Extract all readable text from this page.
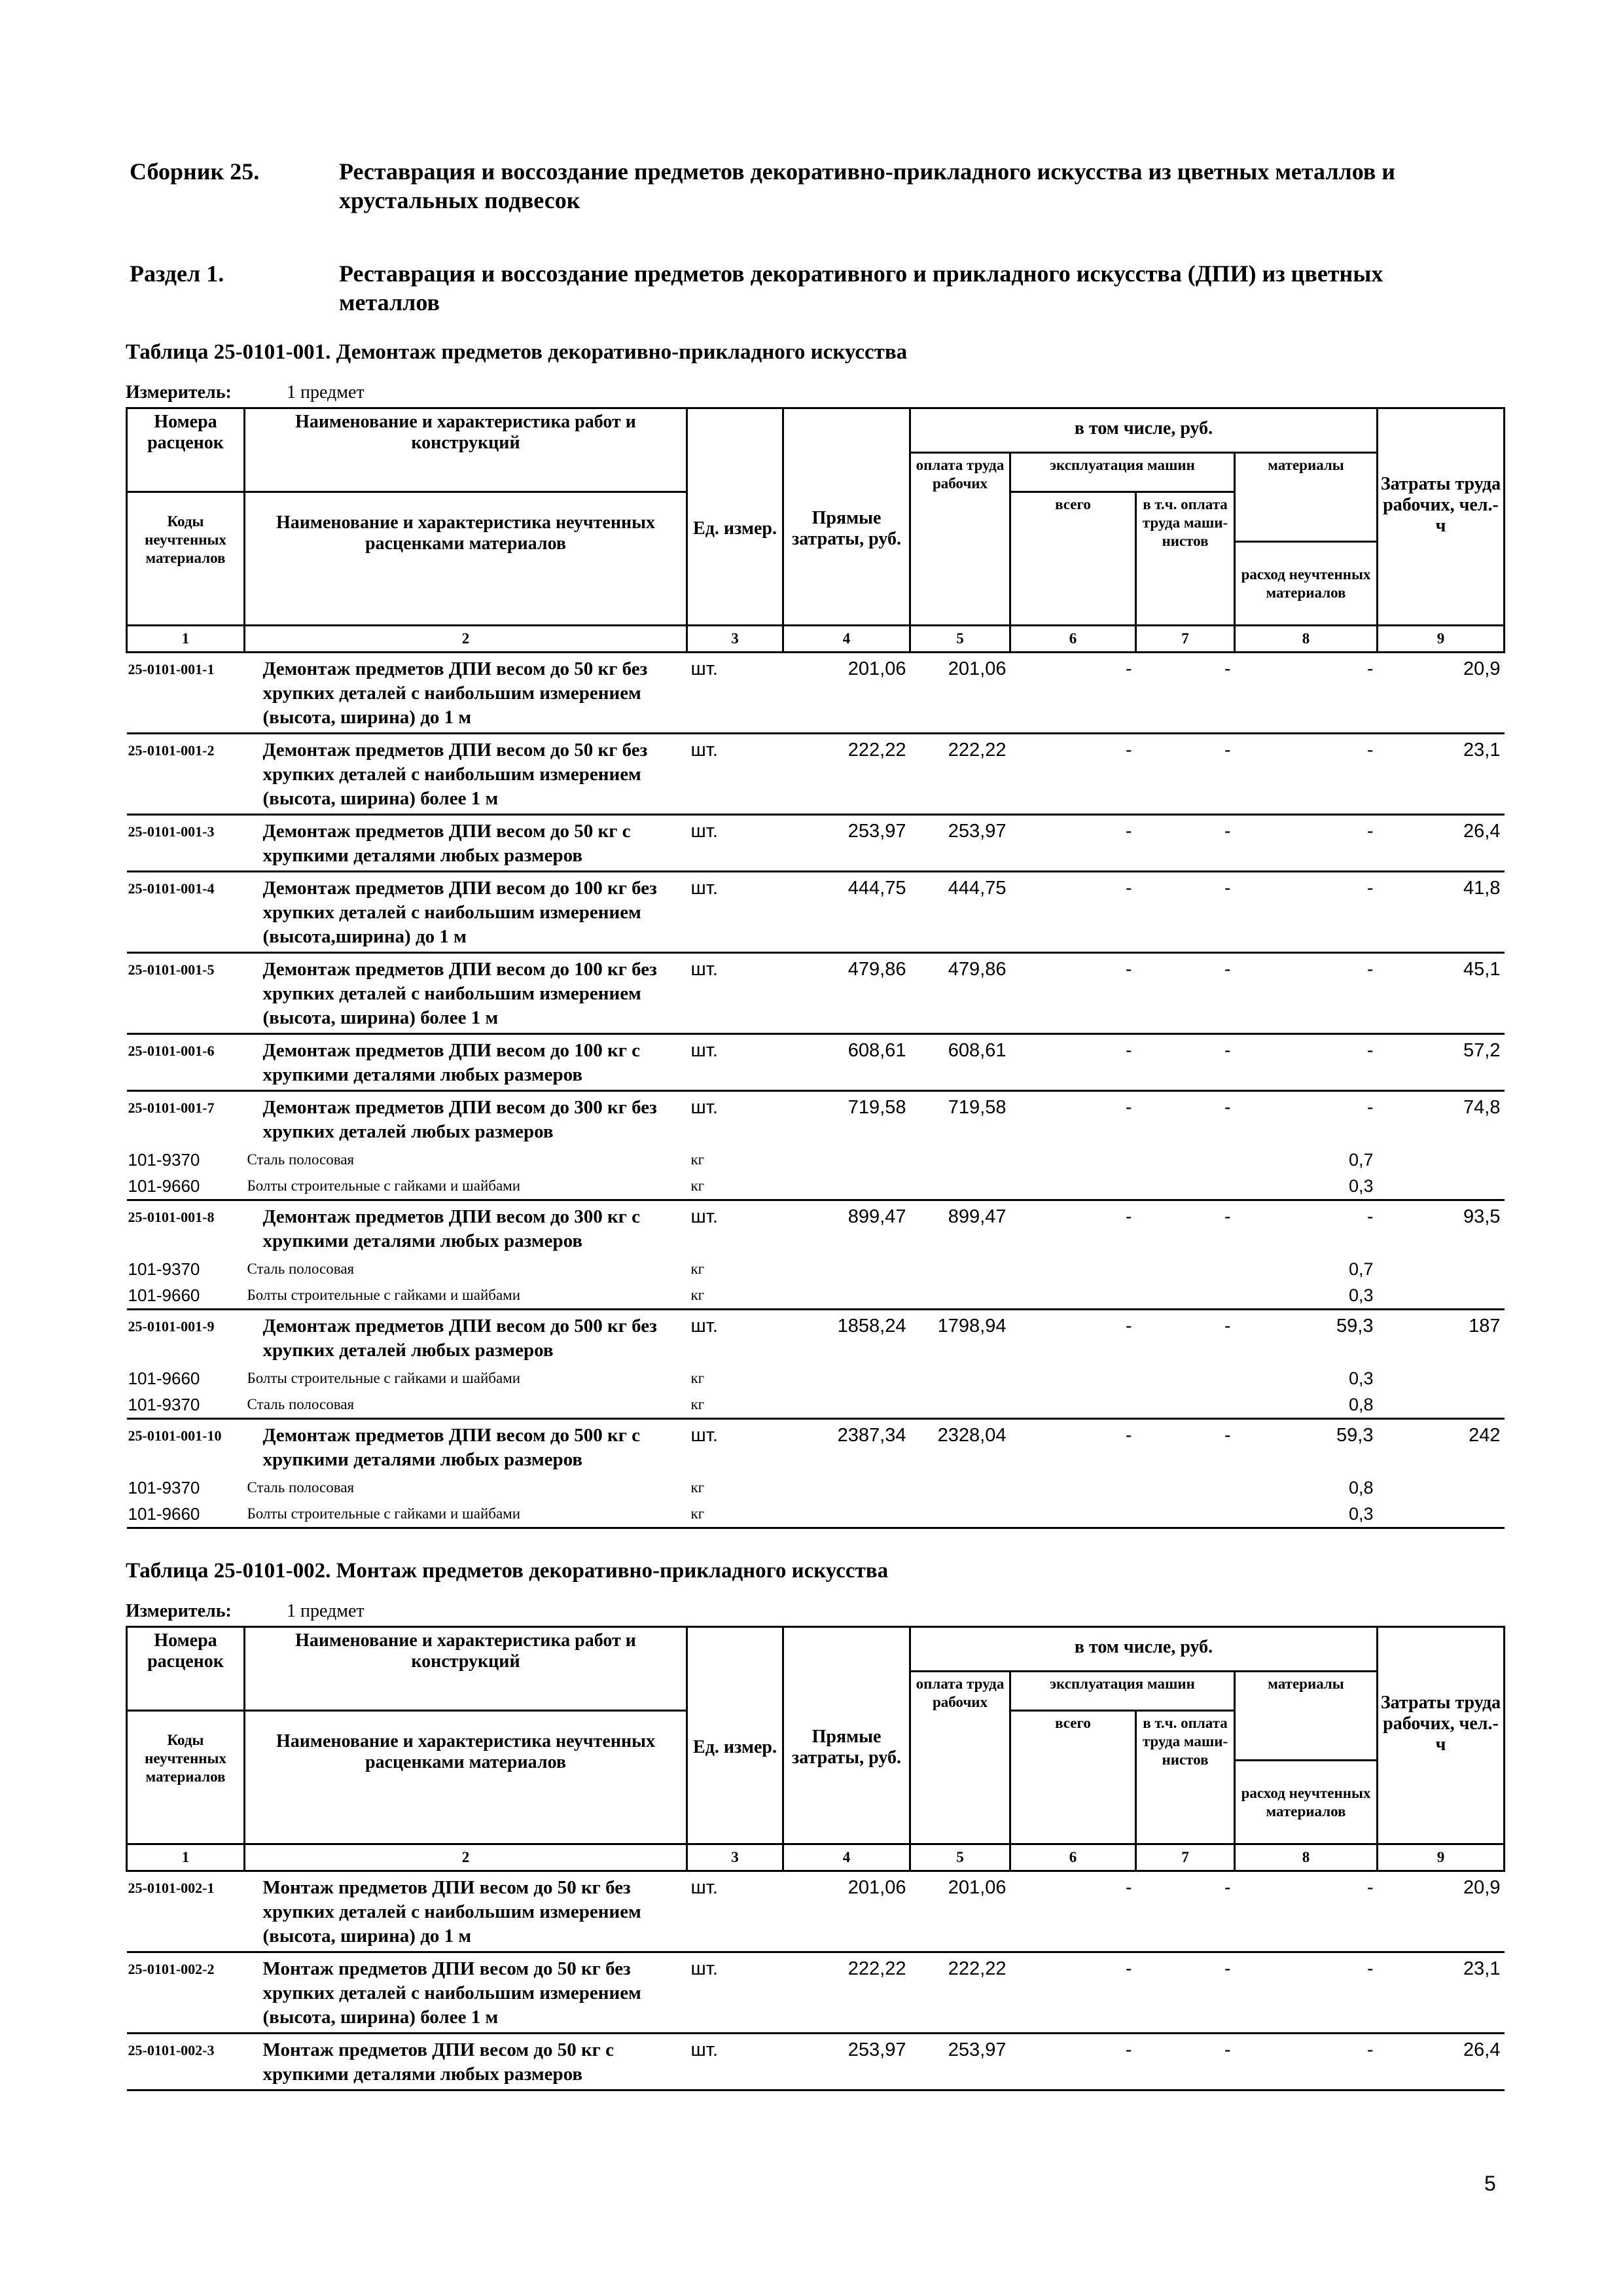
Сборник 25.	Реставрация и воссоздание предметов декоративно-прикладного искусства из цветных металлов и хрустальных подвесок
Раздел 1.	Реставрация и воссоздание предметов декоративного и прикладного искусства (ДПИ) из цветных металлов
Таблица 25-0101-001. Демонтаж предметов декоративно-прикладного искусства
Измеритель:	1 предмет
Номера расценок	Наименование и характеристика работ и конструкций	Ед. измер.	Прямые затраты, руб.	в том числе, руб.				Затраты труда рабочих, чел.-ч
				оплата труда рабочих	эксплуатация машин		материалы	
Коды неучтенных материалов	Наименование и характеристика неучтенных расценками материалов				всего	в т.ч. оплата труда маши-нистов		
							расход неучтенных материалов	
1	2	3	4	5	6	7	8	9
25-0101-001-1	Демонтаж предметов ДПИ весом до 50 кг без хрупких деталей с наибольшим измерением (высота, ширина) до 1 м	шт.	201,06	201,06	-	-	-	20,9
25-0101-001-2	Демонтаж предметов ДПИ весом до 50 кг без хрупких деталей с наибольшим измерением (высота, ширина) более 1 м	шт.	222,22	222,22	-	-	-	23,1
25-0101-001-3	Демонтаж предметов ДПИ весом до 50 кг с хрупкими деталями любых размеров	шт.	253,97	253,97	-	-	-	26,4
25-0101-001-4	Демонтаж предметов ДПИ весом до 100 кг без хрупких деталей с наибольшим измерением (высота,ширина) до 1 м	шт.	444,75	444,75	-	-	-	41,8
25-0101-001-5	Демонтаж предметов ДПИ весом до 100 кг без хрупких деталей с наибольшим измерением (высота, ширина) более 1 м	шт.	479,86	479,86	-	-	-	45,1
25-0101-001-6	Демонтаж предметов ДПИ весом до 100 кг с хрупкими деталями любых размеров	шт.	608,61	608,61	-	-	-	57,2
25-0101-001-7	Демонтаж предметов ДПИ весом до 300 кг без хрупких деталей любых размеров	шт.	719,58	719,58	-	-	-	74,8
101-9370	Сталь полосовая	кг					0,7	
101-9660	Болты строительные с гайками и шайбами	кг					0,3	
25-0101-001-8	Демонтаж предметов ДПИ весом до 300 кг с хрупкими деталями любых размеров	шт.	899,47	899,47	-	-	-	93,5
101-9370	Сталь полосовая	кг					0,7	
101-9660	Болты строительные с гайками и шайбами	кг					0,3	
25-0101-001-9	Демонтаж предметов ДПИ весом до 500 кг без хрупких деталей любых размеров	шт.	1858,24	1798,94	-	-	59,3	187
101-9660	Болты строительные с гайками и шайбами	кг					0,3	
101-9370	Сталь полосовая	кг					0,8	
25-0101-001-10	Демонтаж предметов ДПИ весом до 500 кг с хрупкими деталями любых размеров	шт.	2387,34	2328,04	-	-	59,3	242
101-9370	Сталь полосовая	кг					0,8	
101-9660	Болты строительные с гайками и шайбами	кг					0,3	
Таблица 25-0101-002. Монтаж предметов декоративно-прикладного искусства
Измеритель:	1 предмет
Номера расценок	Наименование и характеристика работ и конструкций	Ед. измер.	Прямые затраты, руб.	в том числе, руб.				Затраты труда рабочих, чел.-ч
				оплата труда рабочих	эксплуатация машин		материалы	
Коды неучтенных материалов	Наименование и характеристика неучтенных расценками материалов				всего	в т.ч. оплата труда маши-нистов		
							расход неучтенных материалов	
1	2	3	4	5	6	7	8	9
25-0101-002-1	Монтаж предметов ДПИ весом до 50 кг без хрупких деталей с наибольшим измерением (высота, ширина) до 1 м	шт.	201,06	201,06	-	-	-	20,9
25-0101-002-2	Монтаж предметов ДПИ весом до 50 кг без хрупких деталей с наибольшим измерением (высота, ширина) более 1 м	шт.	222,22	222,22	-	-	-	23,1
25-0101-002-3	Монтаж предметов ДПИ весом до 50 кг с хрупкими деталями любых размеров	шт.	253,97	253,97	-	-	-	26,4
5
